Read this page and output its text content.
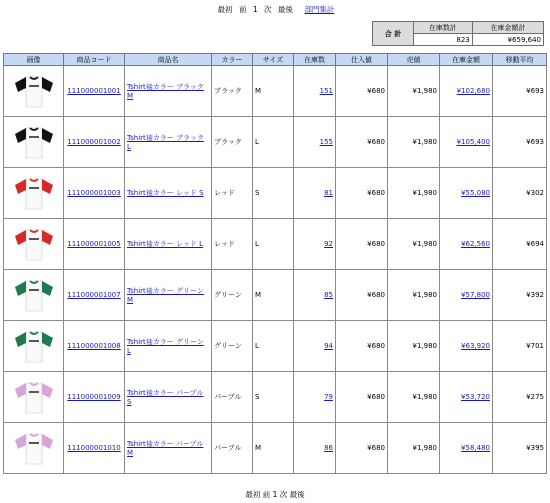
最初 前 1 次 最後 部門集計
合 計	在庫数計	在庫金額計
	823	¥659,640
画像	商品コード	商品名	カラー	サイズ	在庫数	仕入値	売値	在庫金額	移動平均

	111000001001	Tshirt袖カラー ブラック M	ブラック	M	151	¥680	¥1,980	¥102,680	¥693

	111000001002	Tshirt袖カラー ブラック L	ブラック	L	155	¥680	¥1,980	¥105,400	¥693

	111000001003	Tshirt袖カラー レッド S	レッド	S	81	¥680	¥1,980	¥55,080	¥302

	111000001005	Tshirt袖カラー レッド L	レッド	L	92	¥680	¥1,980	¥62,560	¥694

	111000001007	Tshirt袖カラー グリーン M	グリーン	M	85	¥680	¥1,980	¥57,800	¥392

	111000001008	Tshirt袖カラー グリーン L	グリーン	L	94	¥680	¥1,980	¥63,920	¥701

	111000001009	Tshirt袖カラー パープル S	パープル	S	79	¥680	¥1,980	¥53,720	¥275

	111000001010	Tshirt袖カラー パープル M	パープル	M	86	¥680	¥1,980	¥58,480	¥395
最初 前 1 次 最後
